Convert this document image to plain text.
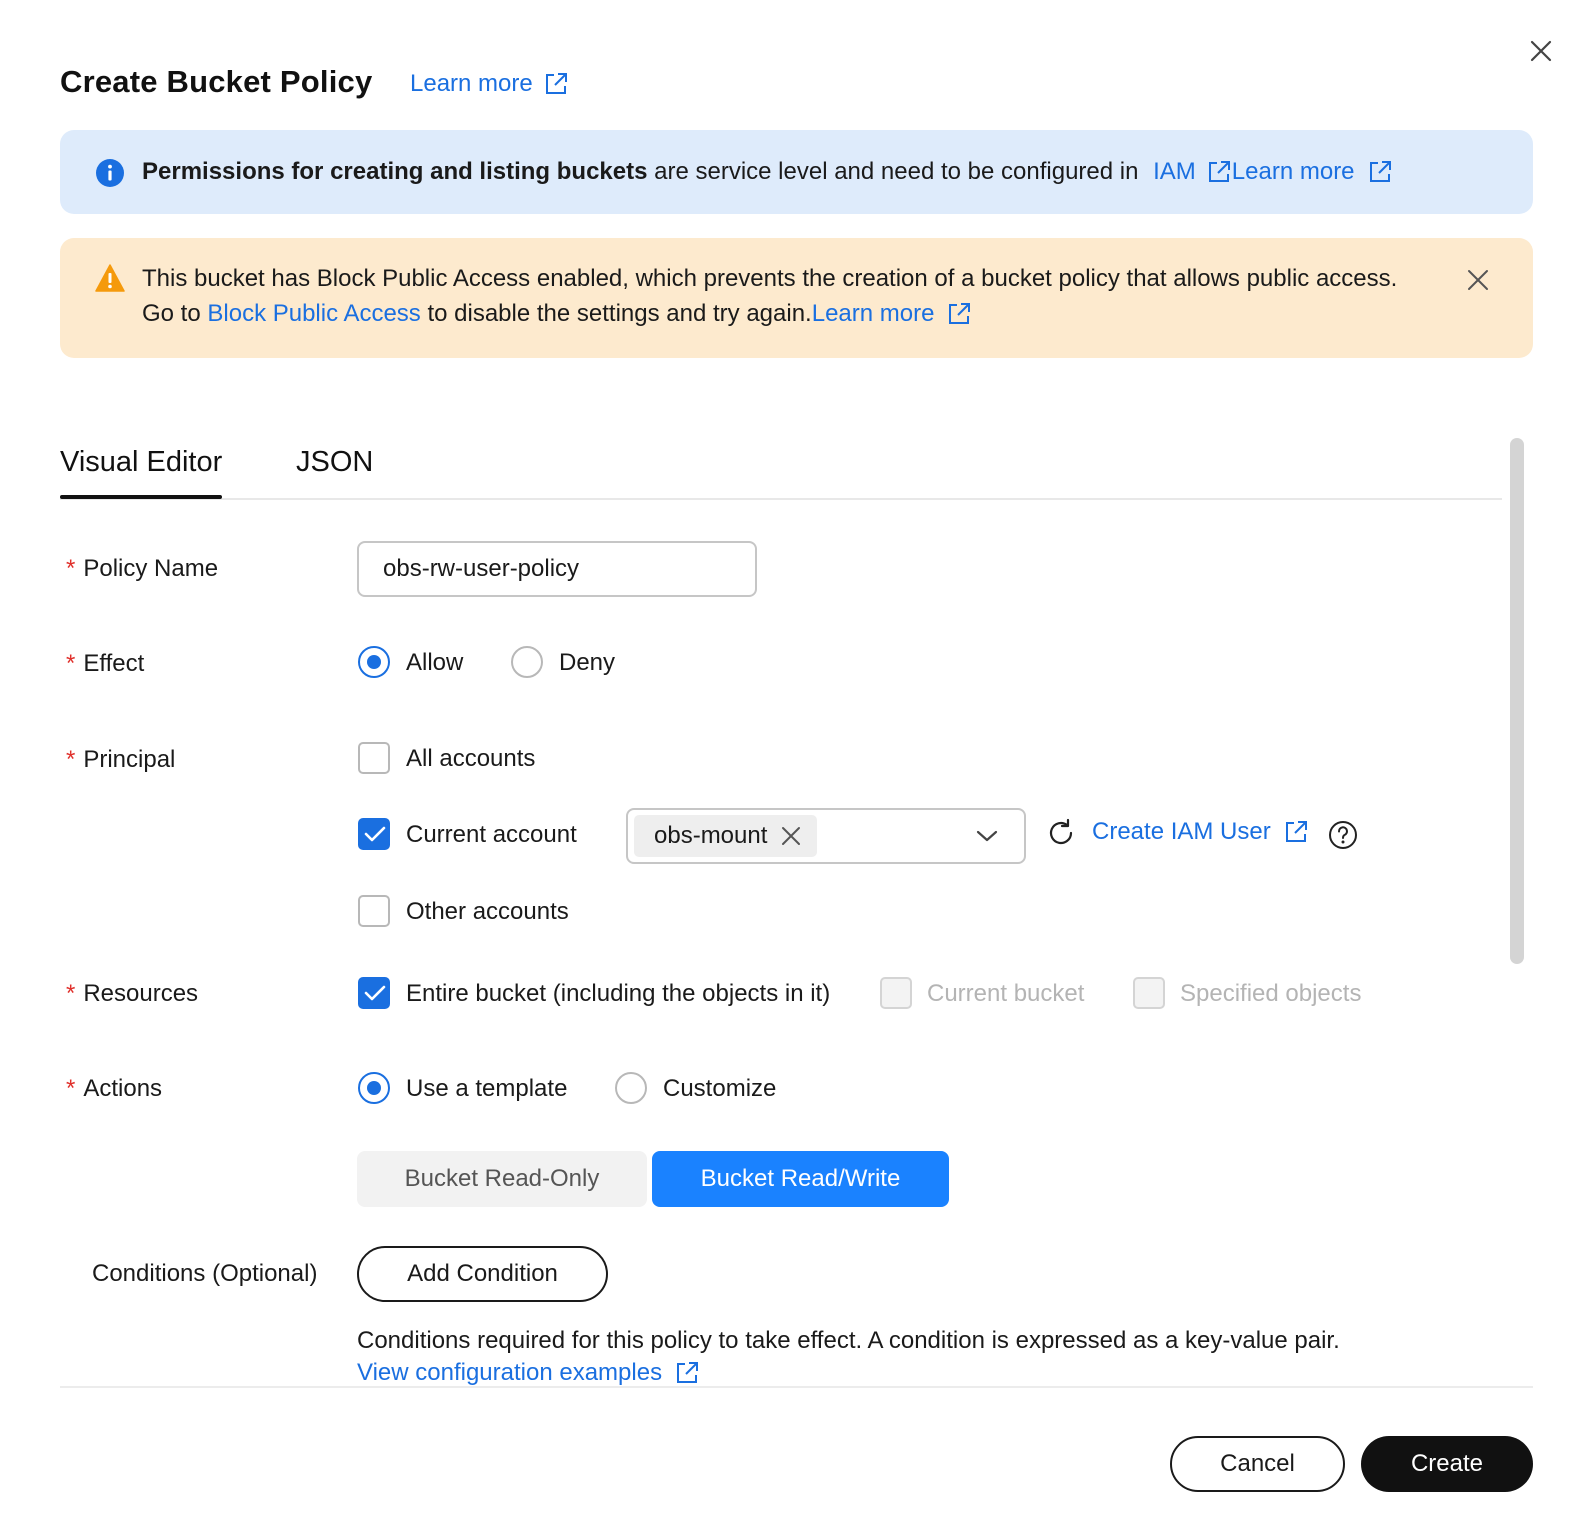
Create Bucket Policy Learn more
Permissions for creating and listing buckets are service level and need to be configured in IAM Learn more
This bucket has Block Public Access enabled, which prevents the creation of a bucket policy that allows public access.
Go to Block Public Access to disable the settings and try again. Learn more
Visual Editor	JSON
* Policy Name	obs-rw-user-policy
* Effect	Allow	Deny
* Principal	All accounts
Current account	obs-mount	Create IAM User
Other accounts
* Resources	Entire bucket (including the objects in it)	Current bucket	Specified objects
* Actions	Use a template	Customize
Bucket Read-Only	Bucket Read/Write
Conditions (Optional)	Add Condition
Conditions required for this policy to take effect. A condition is expressed as a key-value pair.
View configuration examples
Cancel	Create
